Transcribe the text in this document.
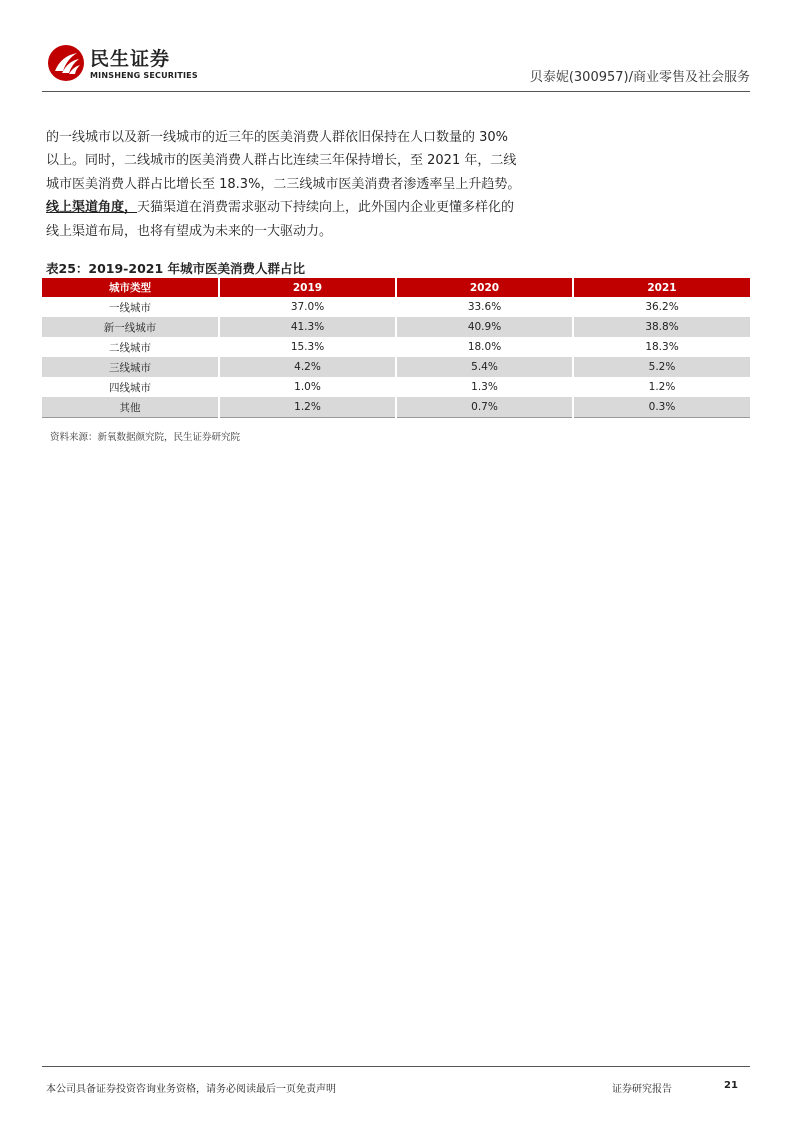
民生证券
MINSHENG SECURITIES	贝泰妮(300957)/商业零售及社会服务

的一线城市以及新一线城市的近三年的医美消费人群依旧保持在人口数量的 30%

以上。同时，二线城市的医美消费人群占比连续三年保持增长，至 2021 年，二线

城市医美消费人群占比增长至 18.3%，二三线城市医美消费者渗透率呈上升趋势。

线上渠道角度，天猫渠道在消费需求驱动下持续向上，此外国内企业更懂多样化的

线上渠道布局，也将有望成为未来的一大驱动力。

表25：2019-2021 年城市医美消费人群占比
城市类型	2019	2020	2021
一线城市	37.0%	33.6%	36.2%
新一线城市	41.3%	40.9%	38.8%
二线城市	15.3%	18.0%	18.3%
三线城市	4.2%	5.4%	5.2%
四线城市	1.0%	1.3%	1.2%
其他	1.2%	0.7%	0.3%
资料来源：新氧数据颜究院，民生证券研究院
本公司具备证券投资咨询业务资格，请务必阅读最后一页免责声明	证券研究报告	21
